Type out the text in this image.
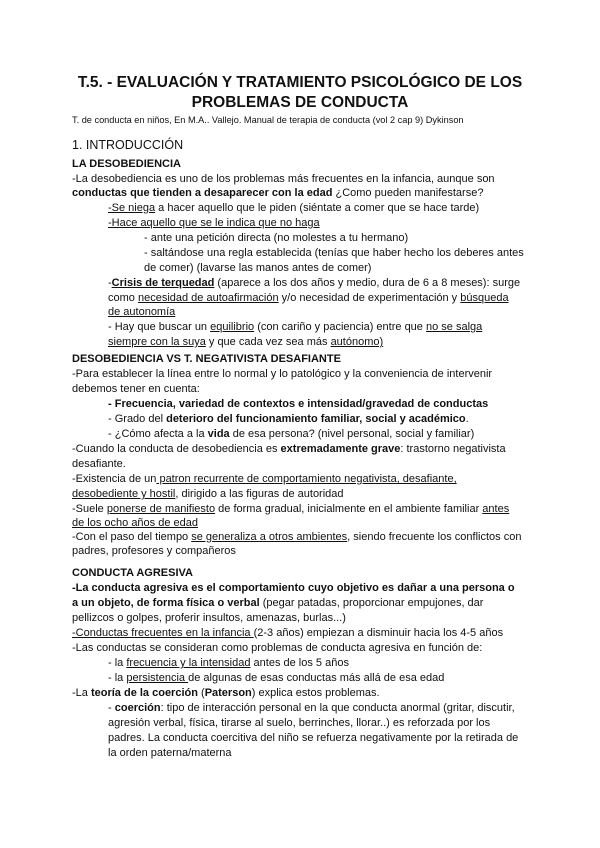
T.5. - EVALUACIÓN Y TRATAMIENTO PSICOLÓGICO DE LOS
PROBLEMAS DE CONDUCTA
T. de conducta en niños, En M.A.. Vallejo. Manual de terapia de conducta (vol 2 cap 9) Dykinson
1. INTRODUCCIÓN
LA DESOBEDIENCIA
-La desobediencia es uno de los problemas más frecuentes en la infancia, aunque son
conductas que tienden a desaparecer con la edad ¿Como pueden manifestarse?
-Se niega a hacer aquello que le piden (siéntate a comer que se hace tarde)
-Hace aquello que se le indica que no haga
- ante una petición directa (no molestes a tu hermano)
- saltándose una regla establecida (tenías que haber hecho los deberes antes
de comer) (lavarse las manos antes de comer)
-Crisis de terquedad (aparece a los dos años y medio, dura de 6 a 8 meses): surge
como necesidad de autoafirmación y/o necesidad de experimentación y búsqueda
de autonomía
- Hay que buscar un equilibrio (con cariño y paciencia) entre que no se salga
siempre con la suya y que cada vez sea más autónomo)
DESOBEDIENCIA VS T. NEGATIVISTA DESAFIANTE
-Para establecer la línea entre lo normal y lo patológico y la conveniencia de intervenir
debemos tener en cuenta:
- Frecuencia, variedad de contextos e intensidad/gravedad de conductas
- Grado del deterioro del funcionamiento familiar, social y académico.
- ¿Cómo afecta a la vida de esa persona? (nivel personal, social y familiar)
-Cuando la conducta de desobediencia es extremadamente grave: trastorno negativista
desafiante.
-Existencia de un patron recurrente de comportamiento negativista, desafiante,
desobediente y hostil, dirigido a las figuras de autoridad
-Suele ponerse de manifiesto de forma gradual, inicialmente en el ambiente familiar antes
de los ocho años de edad
-Con el paso del tiempo se generaliza a otros ambientes, siendo frecuente los conflictos con
padres, profesores y compañeros
CONDUCTA AGRESIVA
-La conducta agresiva es el comportamiento cuyo objetivo es dañar a una persona o
a un objeto, de forma física o verbal (pegar patadas, proporcionar empujones, dar
pellizcos o golpes, proferir insultos, amenazas, burlas...)
-Conductas frecuentes en la infancia (2-3 años) empiezan a disminuir hacia los 4-5 años
-Las conductas se consideran como problemas de conducta agresiva en función de:
- la frecuencia y la intensidad antes de los 5 años
- la persistencia de algunas de esas conductas más allá de esa edad
-La teoría de la coerción (Paterson) explica estos problemas.
- coerción: tipo de interacción personal en la que conducta anormal (gritar, discutir,
agresión verbal, física, tirarse al suelo, berrinches, llorar..) es reforzada por los
padres. La conducta coercitiva del niño se refuerza negativamente por la retirada de
la orden paterna/materna
